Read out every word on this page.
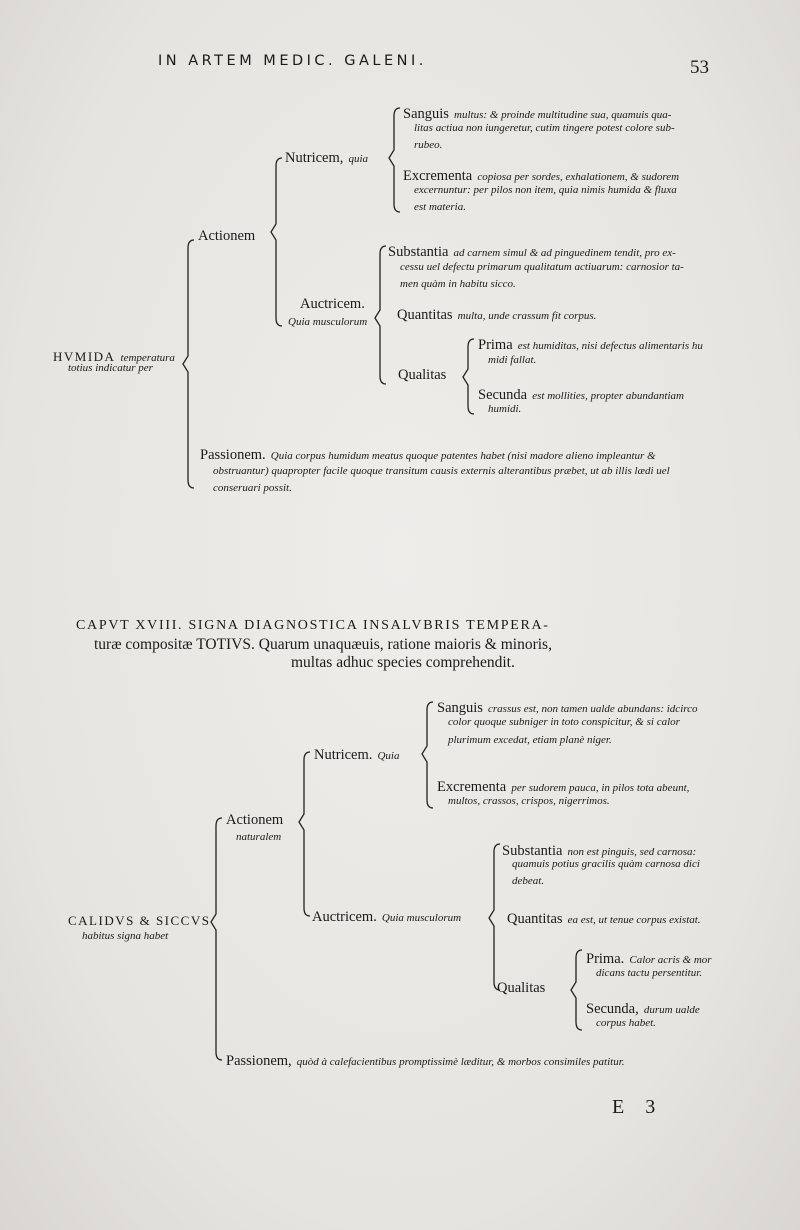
IN ARTEM MEDIC. GALENI.	53
HVMIDA temperatura
totius indicatur per
Actionem
Nutricem, quia
Sanguis multus: & proinde multitudine sua, quamuis qua-
litas actiua non iungeretur, cutim tingere potest colore sub-
rubeo.
Excrementa copiosa per sordes, exhalationem, & sudorem
excernuntur: per pilos non item, quia nimis humida & fluxa
est materia.
Auctricem.
Quia musculorum
Substantia ad carnem simul & ad pinguedinem tendit, pro ex-
cessu uel defectu primarum qualitatum actiuarum: carnosior ta-
men quàm in habitu sicco.
Quantitas multa, unde crassum fit corpus.
Qualitas
Prima est humiditas, nisi defectus alimentaris hu
midi fallat.
Secunda est mollities, propter abundantiam
humidi.
Passionem. Quia corpus humidum meatus quoque patentes habet (nisi madore alieno impleantur &
obstruantur) quapropter facile quoque transitum causis externis alterantibus præbet, ut ab illis lædi uel
conseruari possit.
CAPVT XVIII. SIGNA DIAGNOSTICA INSALVBRIS TEMPERA-
turæ compositæ TOTIVS. Quarum unaquæuis, ratione maioris & minoris,
multas adhuc species comprehendit.
CALIDVS & SICCVS
habitus signa habet
Actionem
naturalem
Nutricem. Quia
Sanguis crassus est, non tamen ualde abundans: idcirco
color quoque subniger in toto conspicitur, & si calor
plurimum excedat, etiam planè niger.
Excrementa per sudorem pauca, in pilos tota abeunt,
multos, crassos, crispos, nigerrimos.
Auctricem. Quia musculorum
Substantia non est pinguis, sed carnosa:
quamuis potius gracilis quàm carnosa dici
debeat.
Quantitas ea est, ut tenue corpus existat.
Qualitas
Prima. Calor acris & mor
dicans tactu persentitur.
Secunda, durum ualde
corpus habet.
Passionem, quòd à calefacientibus promptissimè læditur, & morbos consimiles patitur.
E 3
